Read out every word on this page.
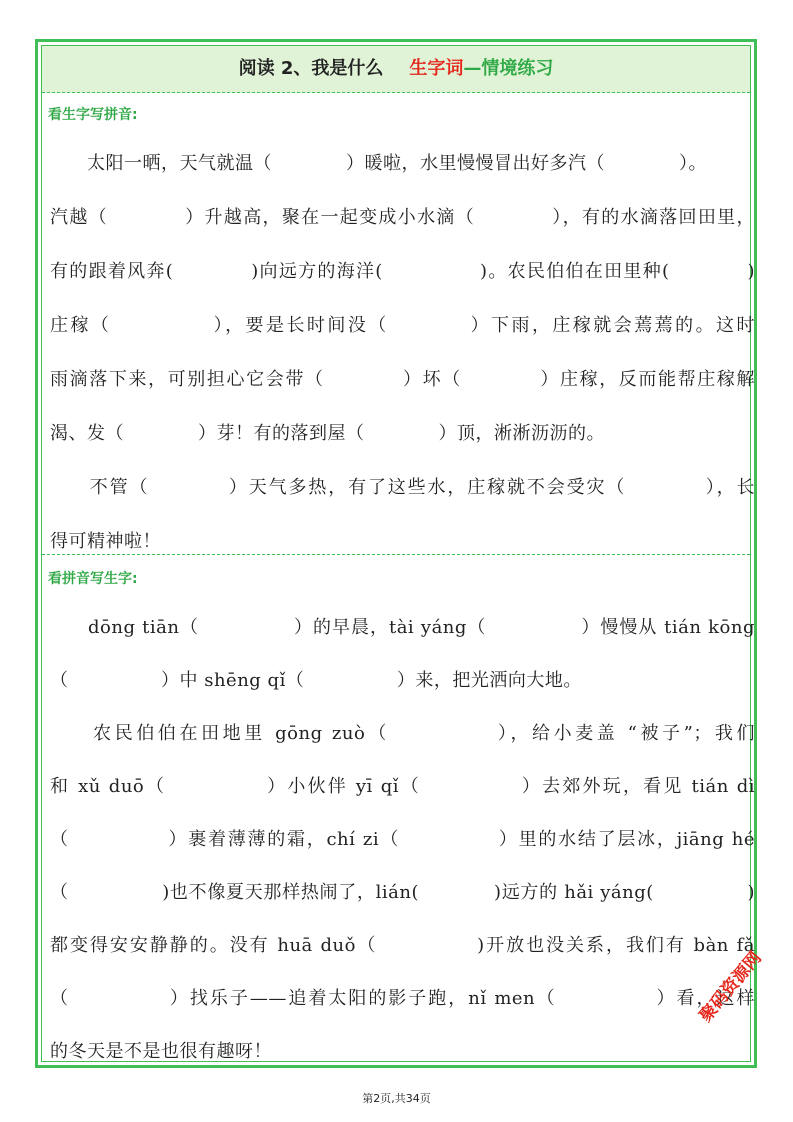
阅读 2、我是什么 生字词—情境练习
看生字写拼音:
　　太阳一晒，天气就温（　　　　）暖啦，水里慢慢冒出好多汽（　　　　）。
汽越（　　　　）升越高，聚在一起变成小水滴（　　　　），有的水滴落回田里，
有的跟着风奔(　　　　)向远方的海洋(　　　　　)。农民伯伯在田里种(　　　　)
庄稼（　　　　　），要是长时间没（　　　　）下雨，庄稼就会蔫蔫的。这时
雨滴落下来，可别担心它会带（　　　　）坏（　　　　）庄稼，反而能帮庄稼解
渴、发（　　　　）芽！有的落到屋（　　　　）顶，淅淅沥沥的。
　　不管（　　　　）天气多热，有了这些水，庄稼就不会受灾（　　　　），长
得可精神啦！
看拼音写生字:
　　dōng tiān（　　　　　）的早晨，tài yáng（　　　　　）慢慢从 tián kōng
（　　　　　）中 shēng qǐ（　　　　　）来，把光洒向大地。
　　农民伯伯在田地里 gōng zuò（　　　　　），给小麦盖 “被子”；我们
和 xǔ duō（　　　　　）小伙伴 yī qǐ（　　　　　）去郊外玩，看见 tián dì
（　　　　　）裹着薄薄的霜，chí zi（　　　　　）里的水结了层冰，jiāng hé
（　　　　　)也不像夏天那样热闹了，lián(　　　　)远方的 hǎi yáng(　　　　　)
都变得安安静静的。没有 huā duǒ（　　　　　)开放也没关系，我们有 bàn fǎ
（　　　　　）找乐子——追着太阳的影子跑，nǐ men（　　　　　）看，这样
的冬天是不是也很有趣呀！
聚码资源网
第2页,共34页
